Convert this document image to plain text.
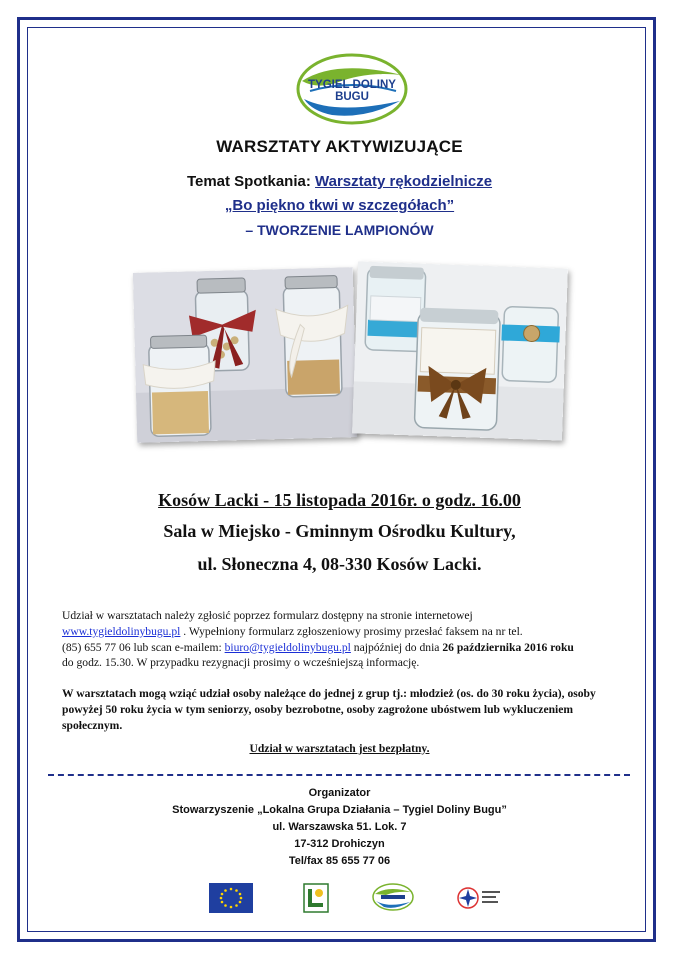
TYGIEL DOLINY
BUGU
WARSZTATY AKTYWIZUJĄCE
Temat Spotkania: Warsztaty rękodzielnicze
„Bo piękno tkwi w szczegółach”
– TWORZENIE LAMPIONÓW
Kosów Lacki - 15 listopada 2016r. o godz. 16.00
Sala w Miejsko - Gminnym Ośrodku Kultury,
ul. Słoneczna 4, 08-330 Kosów Lacki.
Udział w warsztatach należy zgłosić poprzez formularz dostępny na stronie internetowej
www.tygieldolinybugu.pl . Wypełniony formularz zgłoszeniowy prosimy przesłać faksem na nr tel.
(85) 655 77 06 lub scan e-mailem: biuro@tygieldolinybugu.pl najpóźniej do dnia 26 października 2016 roku
do godz. 15.30. W przypadku rezygnacji prosimy o wcześniejszą informację.
W warsztatach mogą wziąć udział osoby należące do jednej z grup tj.: młodzież (os. do 30 roku życia), osoby powyżej 50 roku życia w tym seniorzy, osoby bezrobotne, osoby zagrożone ubóstwem lub wykluczeniem społecznym.
Udział w warsztatach jest bezpłatny.
Organizator
Stowarzyszenie „Lokalna Grupa Działania – Tygiel Doliny Bugu”
ul. Warszawska 51. Lok. 7
17-312 Drohiczyn
Tel/fax 85 655 77 06
